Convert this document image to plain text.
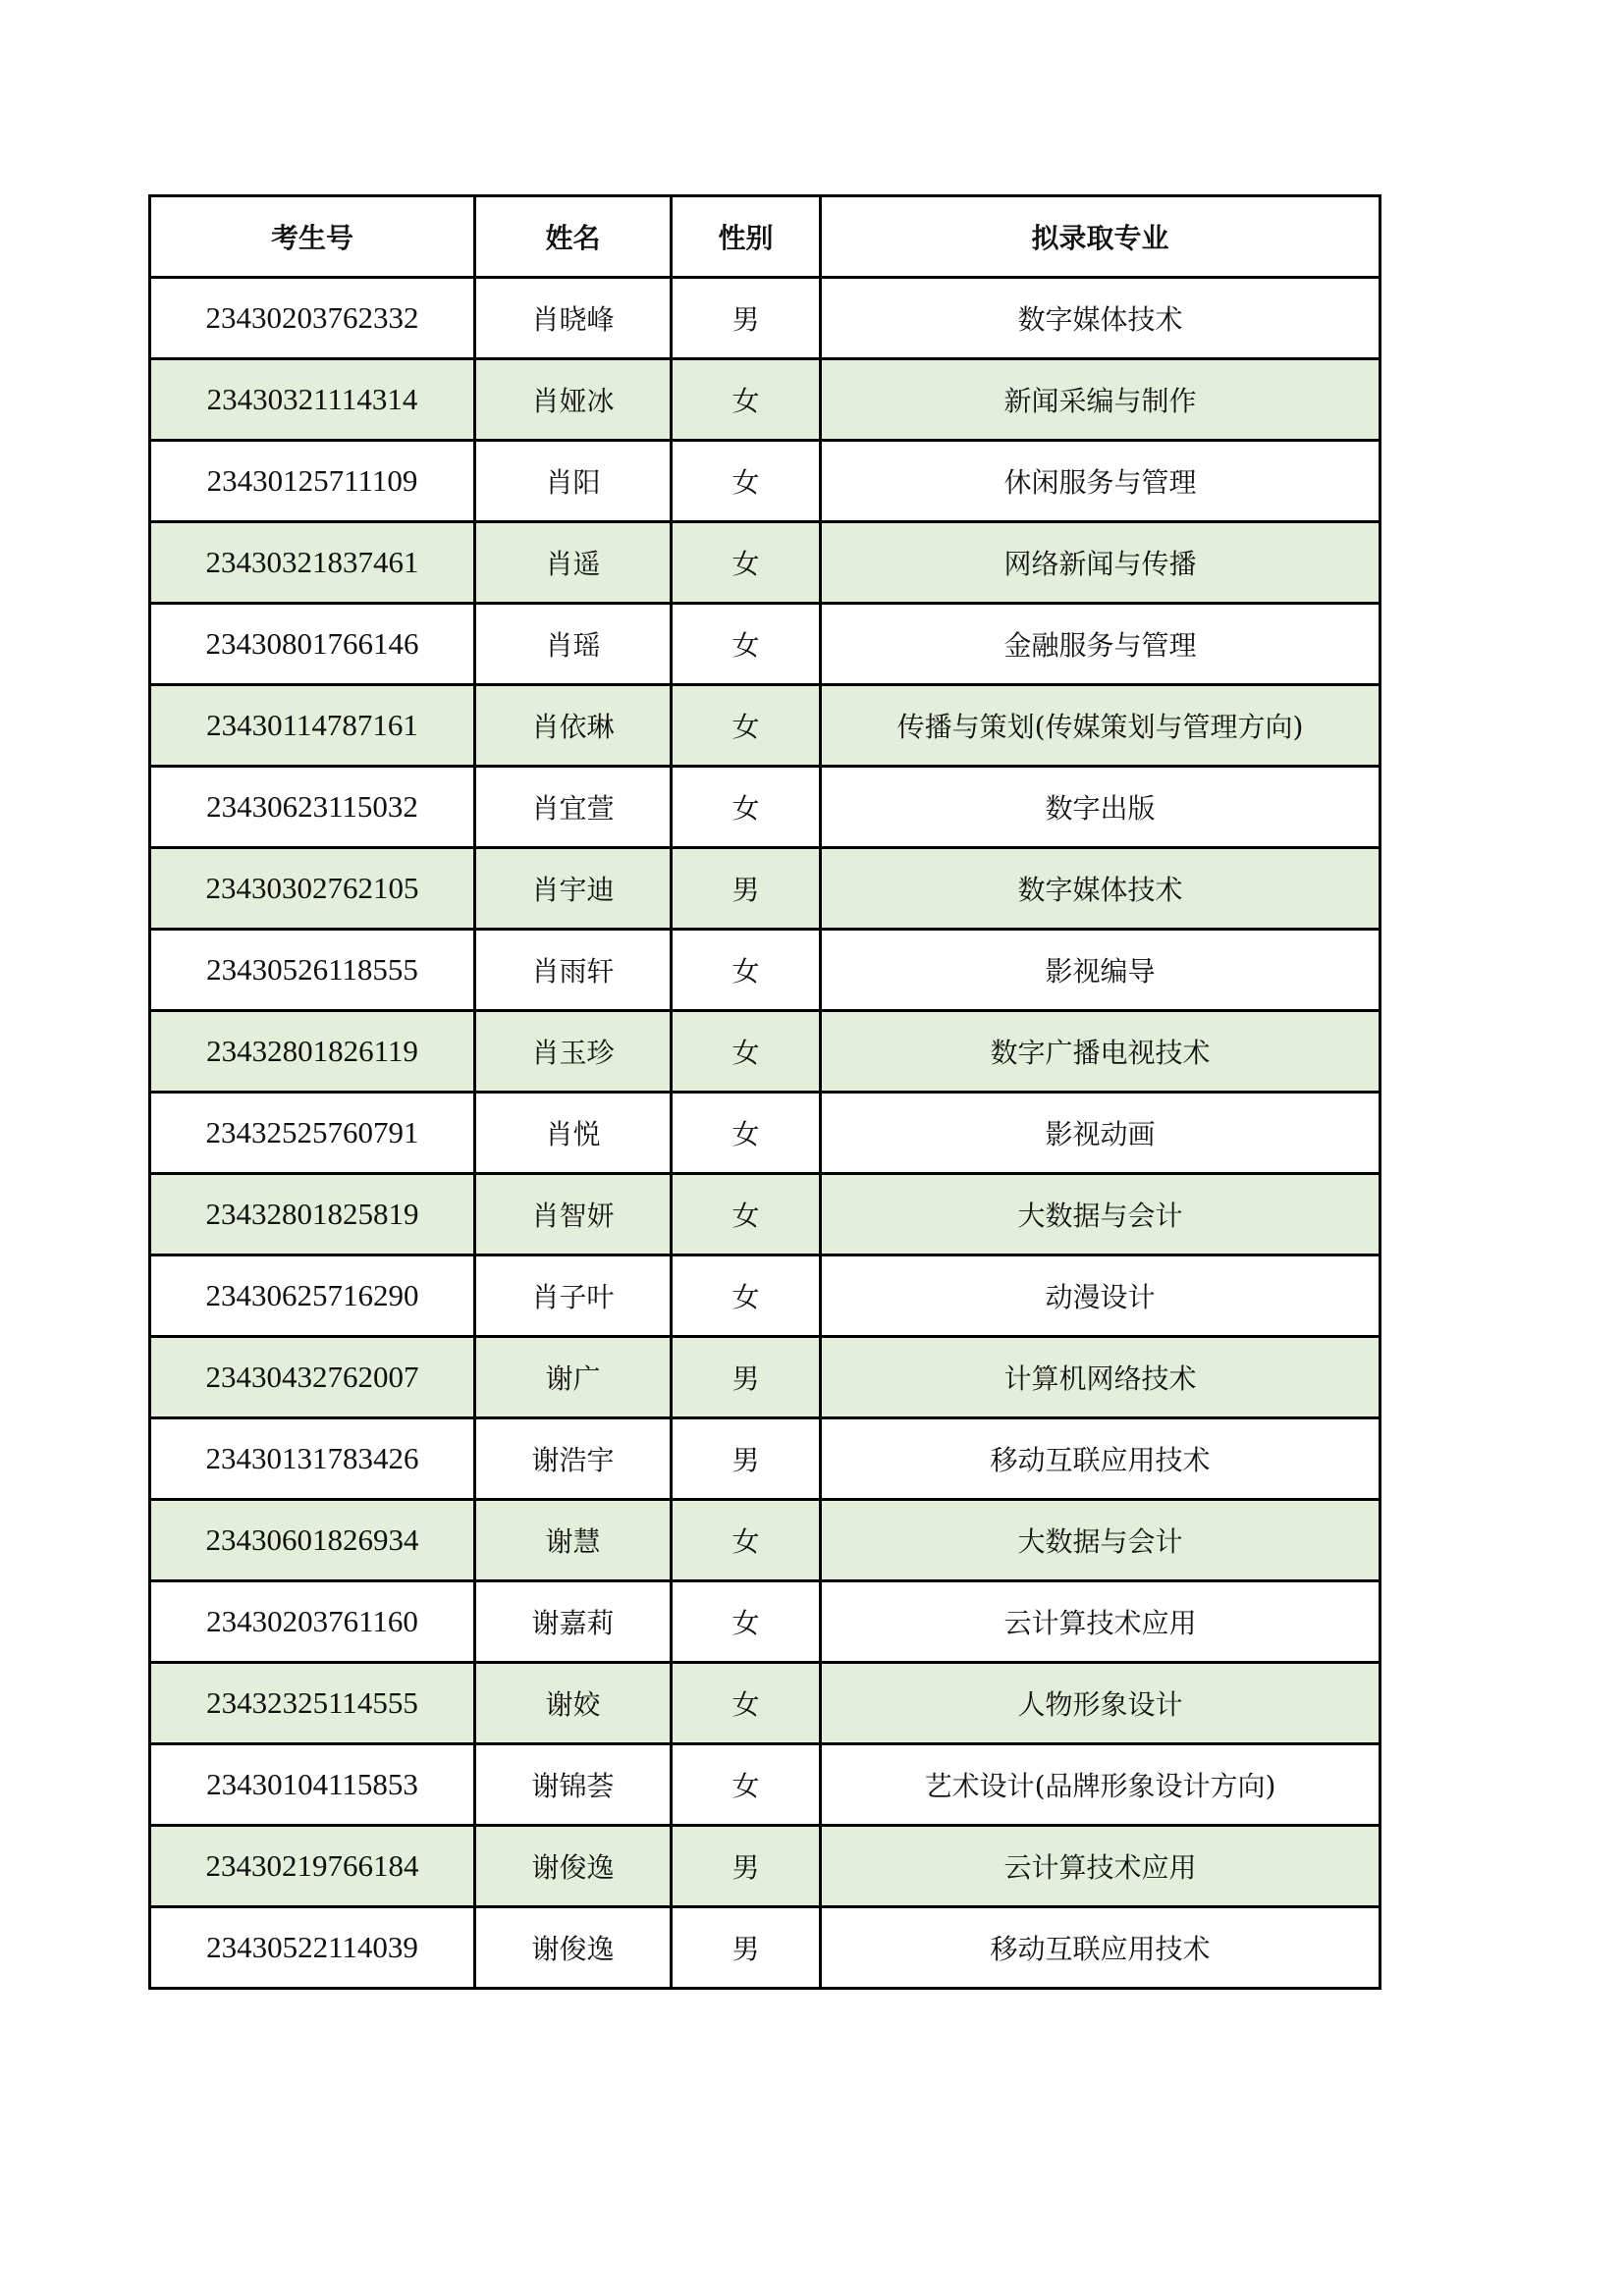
考生号	姓名	性别	拟录取专业
23430203762332	肖晓峰	男	数字媒体技术
23430321114314	肖娅冰	女	新闻采编与制作
23430125711109	肖阳	女	休闲服务与管理
23430321837461	肖遥	女	网络新闻与传播
23430801766146	肖瑶	女	金融服务与管理
23430114787161	肖依琳	女	传播与策划(传媒策划与管理方向)
23430623115032	肖宜萱	女	数字出版
23430302762105	肖宇迪	男	数字媒体技术
23430526118555	肖雨轩	女	影视编导
23432801826119	肖玉珍	女	数字广播电视技术
23432525760791	肖悦	女	影视动画
23432801825819	肖智妍	女	大数据与会计
23430625716290	肖子叶	女	动漫设计
23430432762007	谢广	男	计算机网络技术
23430131783426	谢浩宇	男	移动互联应用技术
23430601826934	谢慧	女	大数据与会计
23430203761160	谢嘉莉	女	云计算技术应用
23432325114555	谢姣	女	人物形象设计
23430104115853	谢锦荟	女	艺术设计(品牌形象设计方向)
23430219766184	谢俊逸	男	云计算技术应用
23430522114039	谢俊逸	男	移动互联应用技术
